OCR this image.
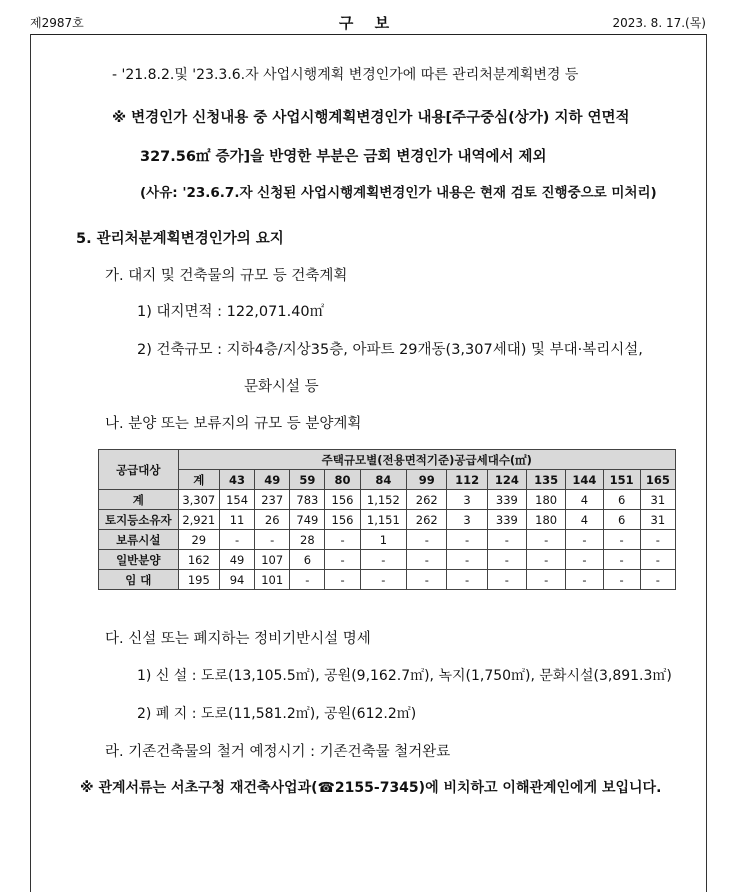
제2987호	구 보	2023. 8. 17.(목)
- '21.8.2.및 '23.3.6.자 사업시행계획 변경인가에 따른 관리처분계획변경 등
※ 변경인가 신청내용 중 사업시행계획변경인가 내용[주구중심(상가) 지하 연면적
327.56㎡ 증가]을 반영한 부분은 금회 변경인가 내역에서 제외
(사유: '23.6.7.자 신청된 사업시행계획변경인가 내용은 현재 검토 진행중으로 미처리)
5. 관리처분계획변경인가의 요지
가. 대지 및 건축물의 규모 등 건축계획
1) 대지면적 : 122,071.40㎡
2) 건축규모 : 지하4층/지상35층, 아파트 29개동(3,307세대) 및 부대·복리시설,
문화시설 등
나. 분양 또는 보류지의 규모 등 분양계획
공급대상	주택규모별(전용면적기준)공급세대수(㎡)												
	계	43	49	59	80	84	99	112	124	135	144	151	165
계	3,307	154	237	783	156	1,152	262	3	339	180	4	6	31
토지등소유자	2,921	11	26	749	156	1,151	262	3	339	180	4	6	31
보류시설	29	-	-	28	-	1	-	-	-	-	-	-	-
일반분양	162	49	107	6	-	-	-	-	-	-	-	-	-
임 대	195	94	101	-	-	-	-	-	-	-	-	-	-
다. 신설 또는 폐지하는 정비기반시설 명세
1) 신 설 : 도로(13,105.5㎡), 공원(9,162.7㎡), 녹지(1,750㎡), 문화시설(3,891.3㎡)
2) 폐 지 : 도로(11,581.2㎡), 공원(612.2㎡)
라. 기존건축물의 철거 예정시기 : 기존건축물 철거완료
※ 관계서류는 서초구청 재건축사업과(☎2155-7345)에 비치하고 이해관계인에게 보입니다.
